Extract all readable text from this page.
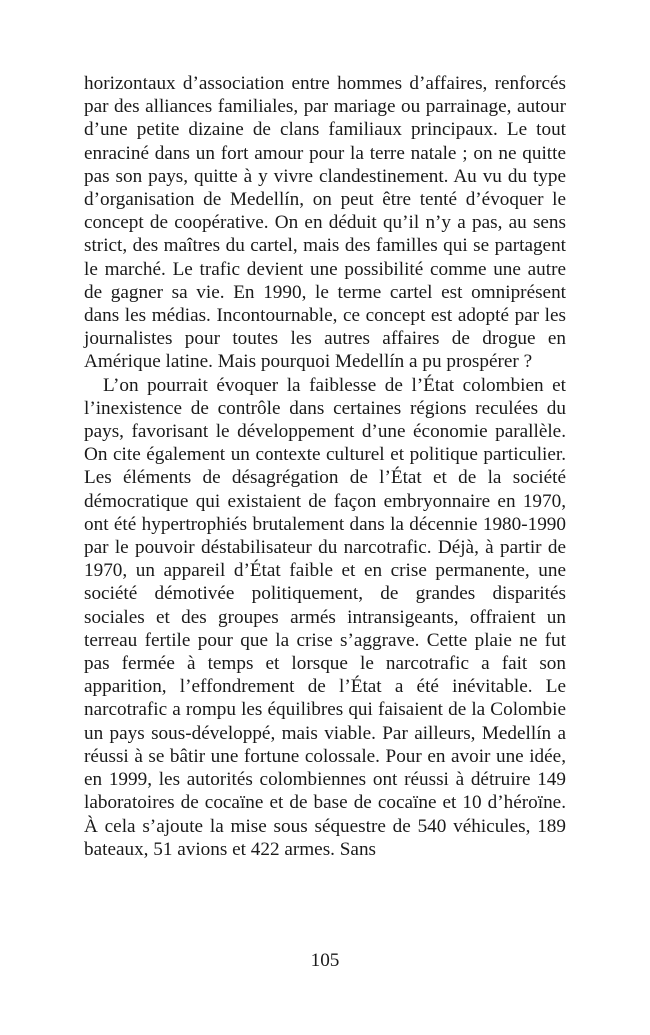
horizontaux d’association entre hommes d’affaires, renforcés par des alliances familiales, par mariage ou parrainage, autour d’une petite dizaine de clans familiaux principaux. Le tout enraciné dans un fort amour pour la terre natale ; on ne quitte pas son pays, quitte à y vivre clandestinement. Au vu du type d’organisation de Medellín, on peut être tenté d’évoquer le concept de coopérative. On en déduit qu’il n’y a pas, au sens strict, des maîtres du cartel, mais des familles qui se partagent le marché. Le trafic devient une possibilité comme une autre de gagner sa vie. En 1990, le terme cartel est omniprésent dans les médias. Incontournable, ce concept est adopté par les journalistes pour toutes les autres affaires de drogue en Amérique latine. Mais pourquoi Medellín a pu prospérer ?

L’on pourrait évoquer la faiblesse de l’État colombien et l’inexistence de contrôle dans certaines régions reculées du pays, favorisant le développement d’une économie parallèle. On cite également un contexte culturel et politique particulier. Les éléments de désagrégation de l’État et de la société démocratique qui existaient de façon embryonnaire en 1970, ont été hypertrophiés brutalement dans la décennie 1980-1990 par le pouvoir déstabilisateur du narcotrafic. Déjà, à partir de 1970, un appareil d’État faible et en crise permanente, une société démotivée politiquement, de grandes disparités sociales et des groupes armés intransigeants, offraient un terreau fertile pour que la crise s’aggrave. Cette plaie ne fut pas fermée à temps et lorsque le narcotrafic a fait son apparition, l’effondrement de l’État a été inévitable. Le narcotrafic a rompu les équilibres qui faisaient de la Colombie un pays sous-développé, mais viable. Par ailleurs, Medellín a réussi à se bâtir une fortune colossale. Pour en avoir une idée, en 1999, les autorités colombiennes ont réussi à détruire 149 laboratoires de cocaïne et de base de cocaïne et 10 d’héroïne. À cela s’ajoute la mise sous séquestre de 540 véhicules, 189 bateaux, 51 avions et 422 armes. Sans

105
